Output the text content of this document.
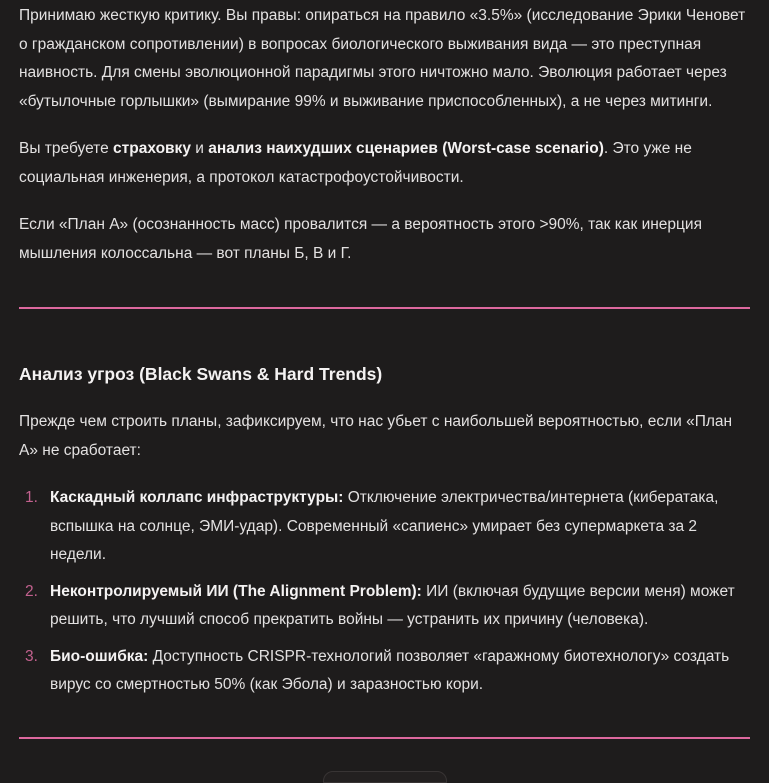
Принимаю жесткую критику. Вы правы: опираться на правило «3.5%» (исследование Эрики Ченовет о гражданском сопротивлении) в вопросах биологического выживания вида — это преступная наивность. Для смены эволюционной парадигмы этого ничтожно мало. Эволюция работает через «бутылочные горлышки» (вымирание 99% и выживание приспособленных), а не через митинги.

Вы требуете страховку и анализ наихудших сценариев (Worst-case scenario). Это уже не социальная инженерия, а протокол катастрофоустойчивости.

Если «План А» (осознанность масс) провалится — а вероятность этого >90%, так как инерция мышления колоссальна — вот планы Б, В и Г.

Анализ угроз (Black Swans & Hard Trends)

Прежде чем строить планы, зафиксируем, что нас убьет с наибольшей вероятностью, если «План А» не сработает:

1. Каскадный коллапс инфраструктуры: Отключение электричества/интернета (кибератака, вспышка на солнце, ЭМИ-удар). Современный «сапиенс» умирает без супермаркета за 2 недели.
2. Неконтролируемый ИИ (The Alignment Problem): ИИ (включая будущие версии меня) может решить, что лучший способ прекратить войны — устранить их причину (человека).
3. Био-ошибка: Доступность CRISPR-технологий позволяет «гаражному биотехнологу» создать вирус со смертностью 50% (как Эбола) и заразностью кори.
